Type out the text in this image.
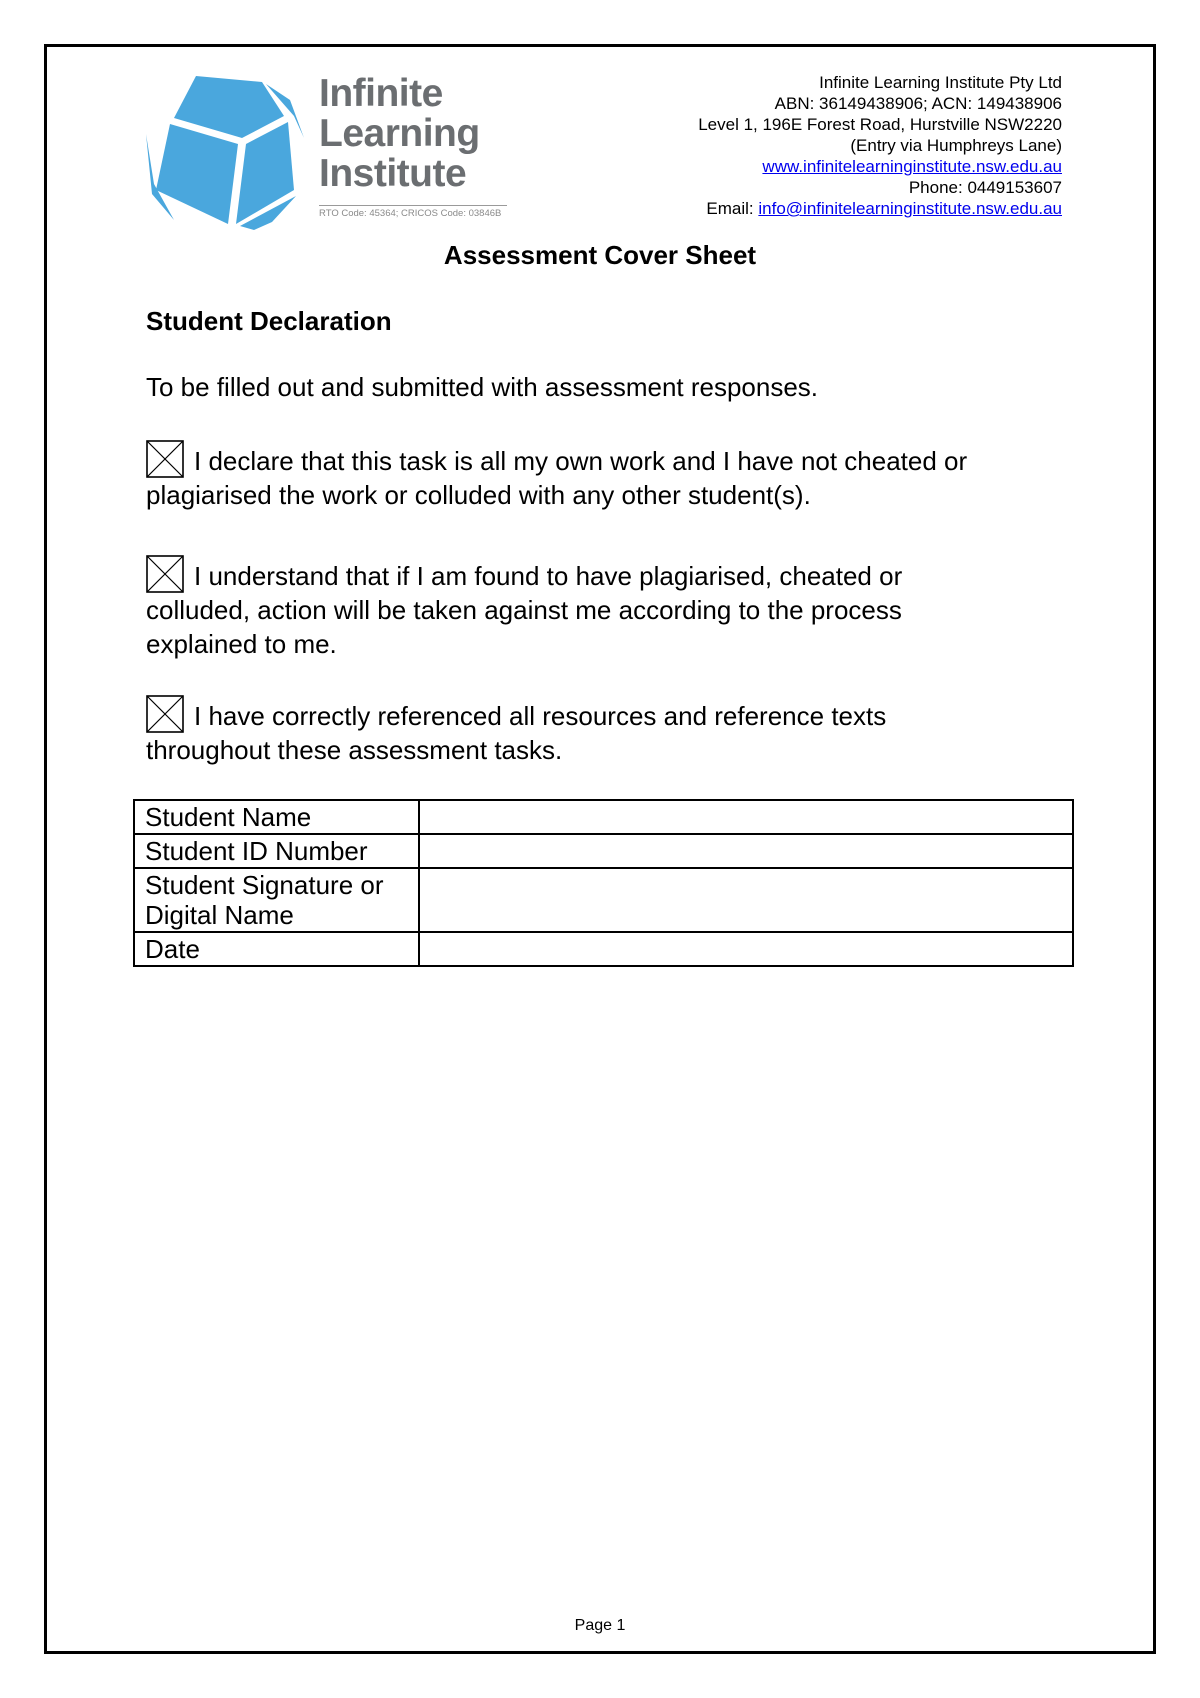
Infinite
Learning
Institute
RTO Code: 45364; CRICOS Code: 03846B
Infinite Learning Institute Pty Ltd
ABN: 36149438906; ACN: 149438906
Level 1, 196E Forest Road, Hurstville NSW2220
(Entry via Humphreys Lane)
www.infinitelearninginstitute.nsw.edu.au
Phone: 0449153607
Email: info@infinitelearninginstitute.nsw.edu.au
Assessment Cover Sheet
Student Declaration
To be filled out and submitted with assessment responses.
I declare that this task is all my own work and I have not cheated or
plagiarised the work or colluded with any other student(s).
I understand that if I am found to have plagiarised, cheated or
colluded, action will be taken against me according to the process
explained to me.
I have correctly referenced all resources and reference texts
throughout these assessment tasks.
Student Name	
Student ID Number	

Student Signature or
Digital Name	

Date	
Page 1
